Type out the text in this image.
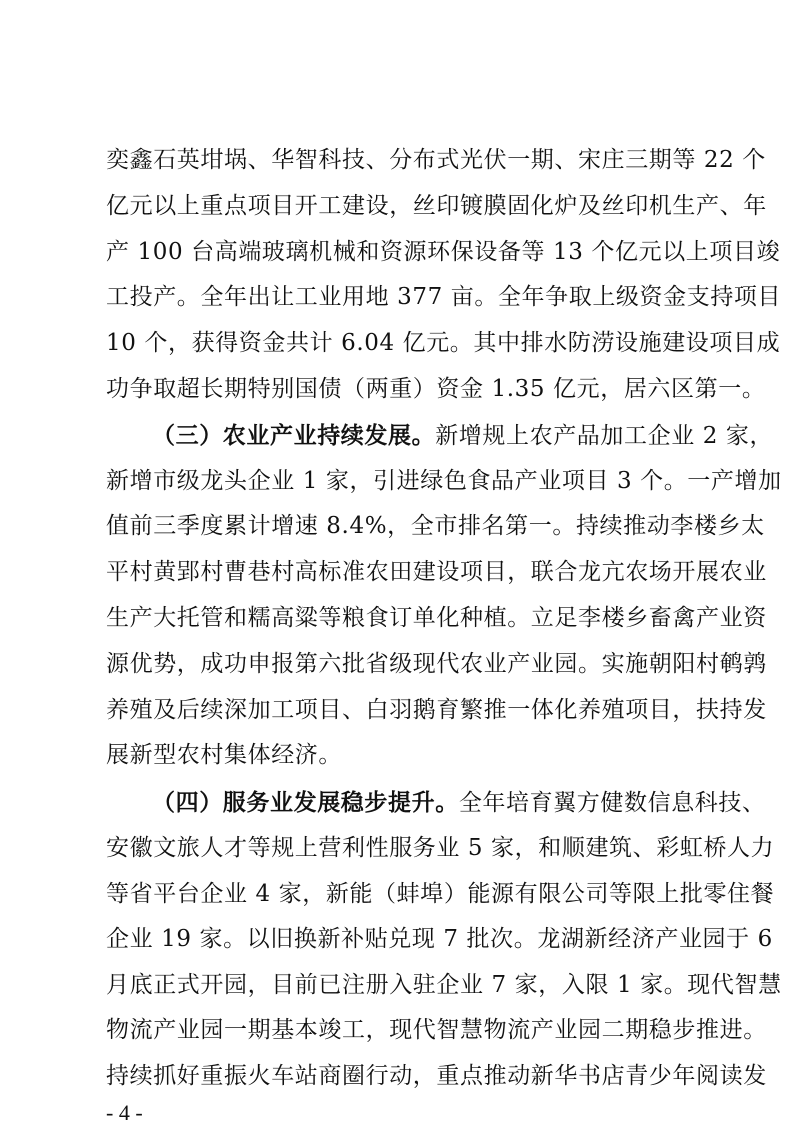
奕鑫石英坩埚、华智科技、分布式光伏一期、宋庄三期等 22 个
亿元以上重点项目开工建设，丝印镀膜固化炉及丝印机生产、年
产 100 台高端玻璃机械和资源环保设备等 13 个亿元以上项目竣
工投产。全年出让工业用地 377 亩。全年争取上级资金支持项目
10 个，获得资金共计 6.04 亿元。其中排水防涝设施建设项目成
功争取超长期特别国债（两重）资金 1.35 亿元，居六区第一。
（三）农业产业持续发展。新增规上农产品加工企业 2 家，
新增市级龙头企业 1 家，引进绿色食品产业项目 3 个。一产增加
值前三季度累计增速 8.4%，全市排名第一。持续推动李楼乡太
平村黄郢村曹巷村高标准农田建设项目，联合龙亢农场开展农业
生产大托管和糯高粱等粮食订单化种植。立足李楼乡畜禽产业资
源优势，成功申报第六批省级现代农业产业园。实施朝阳村鹌鹑
养殖及后续深加工项目、白羽鹅育繁推一体化养殖项目，扶持发
展新型农村集体经济。
（四）服务业发展稳步提升。全年培育翼方健数信息科技、
安徽文旅人才等规上营利性服务业 5 家，和顺建筑、彩虹桥人力
等省平台企业 4 家，新能（蚌埠）能源有限公司等限上批零住餐
企业 19 家。以旧换新补贴兑现 7 批次。龙湖新经济产业园于 6
月底正式开园，目前已注册入驻企业 7 家，入限 1 家。现代智慧
物流产业园一期基本竣工，现代智慧物流产业园二期稳步推进。
持续抓好重振火车站商圈行动，重点推动新华书店青少年阅读发
- 4 -
